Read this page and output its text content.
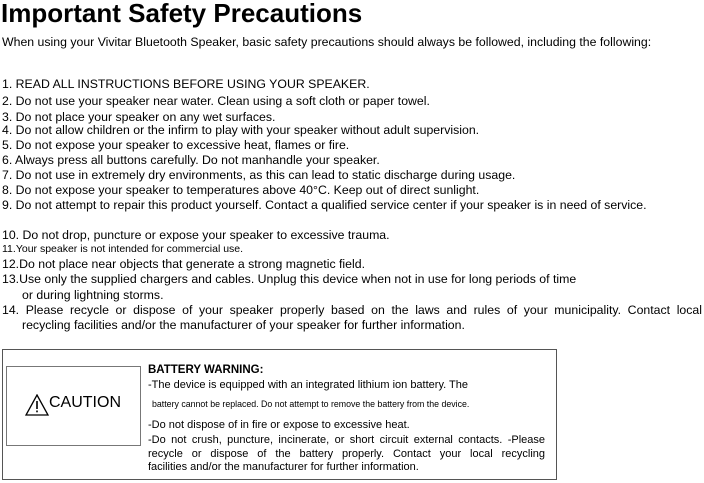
Important Safety Precautions
When using your Vivitar Bluetooth Speaker, basic safety precautions should always be followed, including the following:
1. READ ALL INSTRUCTIONS BEFORE USING YOUR SPEAKER.
2. Do not use your speaker near water. Clean using a soft cloth or paper towel.
3. Do not place your speaker on any wet surfaces.
4. Do not allow children or the infirm to play with your speaker without adult supervision.
5. Do not expose your speaker to excessive heat, flames or fire.
6. Always press all buttons carefully. Do not manhandle your speaker.
7. Do not use in extremely dry environments, as this can lead to static discharge during usage.
8. Do not expose your speaker to temperatures above 40°C. Keep out of direct sunlight.
9. Do not attempt to repair this product yourself. Contact a qualified service center if your speaker is in need of service.
10. Do not drop, puncture or expose your speaker to excessive trauma.
11.Your speaker is not intended for commercial use.
12.Do not place near objects that generate a strong magnetic field.
13.Use only the supplied chargers and cables. Unplug this device when not in use for long periods of time
or during lightning storms.
14. Please recycle or dispose of your speaker properly based on the laws and rules of your municipality. Contact local
recycling facilities and/or the manufacturer of your speaker for further information.
CAUTION
BATTERY WARNING:
-The device is equipped with an integrated lithium ion battery. The
battery cannot be replaced. Do not attempt to remove the battery from the device.
-Do not dispose of in fire or expose to excessive heat.
-Do not crush, puncture, incinerate, or short circuit external contacts. -Please
recycle or dispose of the battery properly. Contact your local recycling
facilities and/or the manufacturer for further information.
